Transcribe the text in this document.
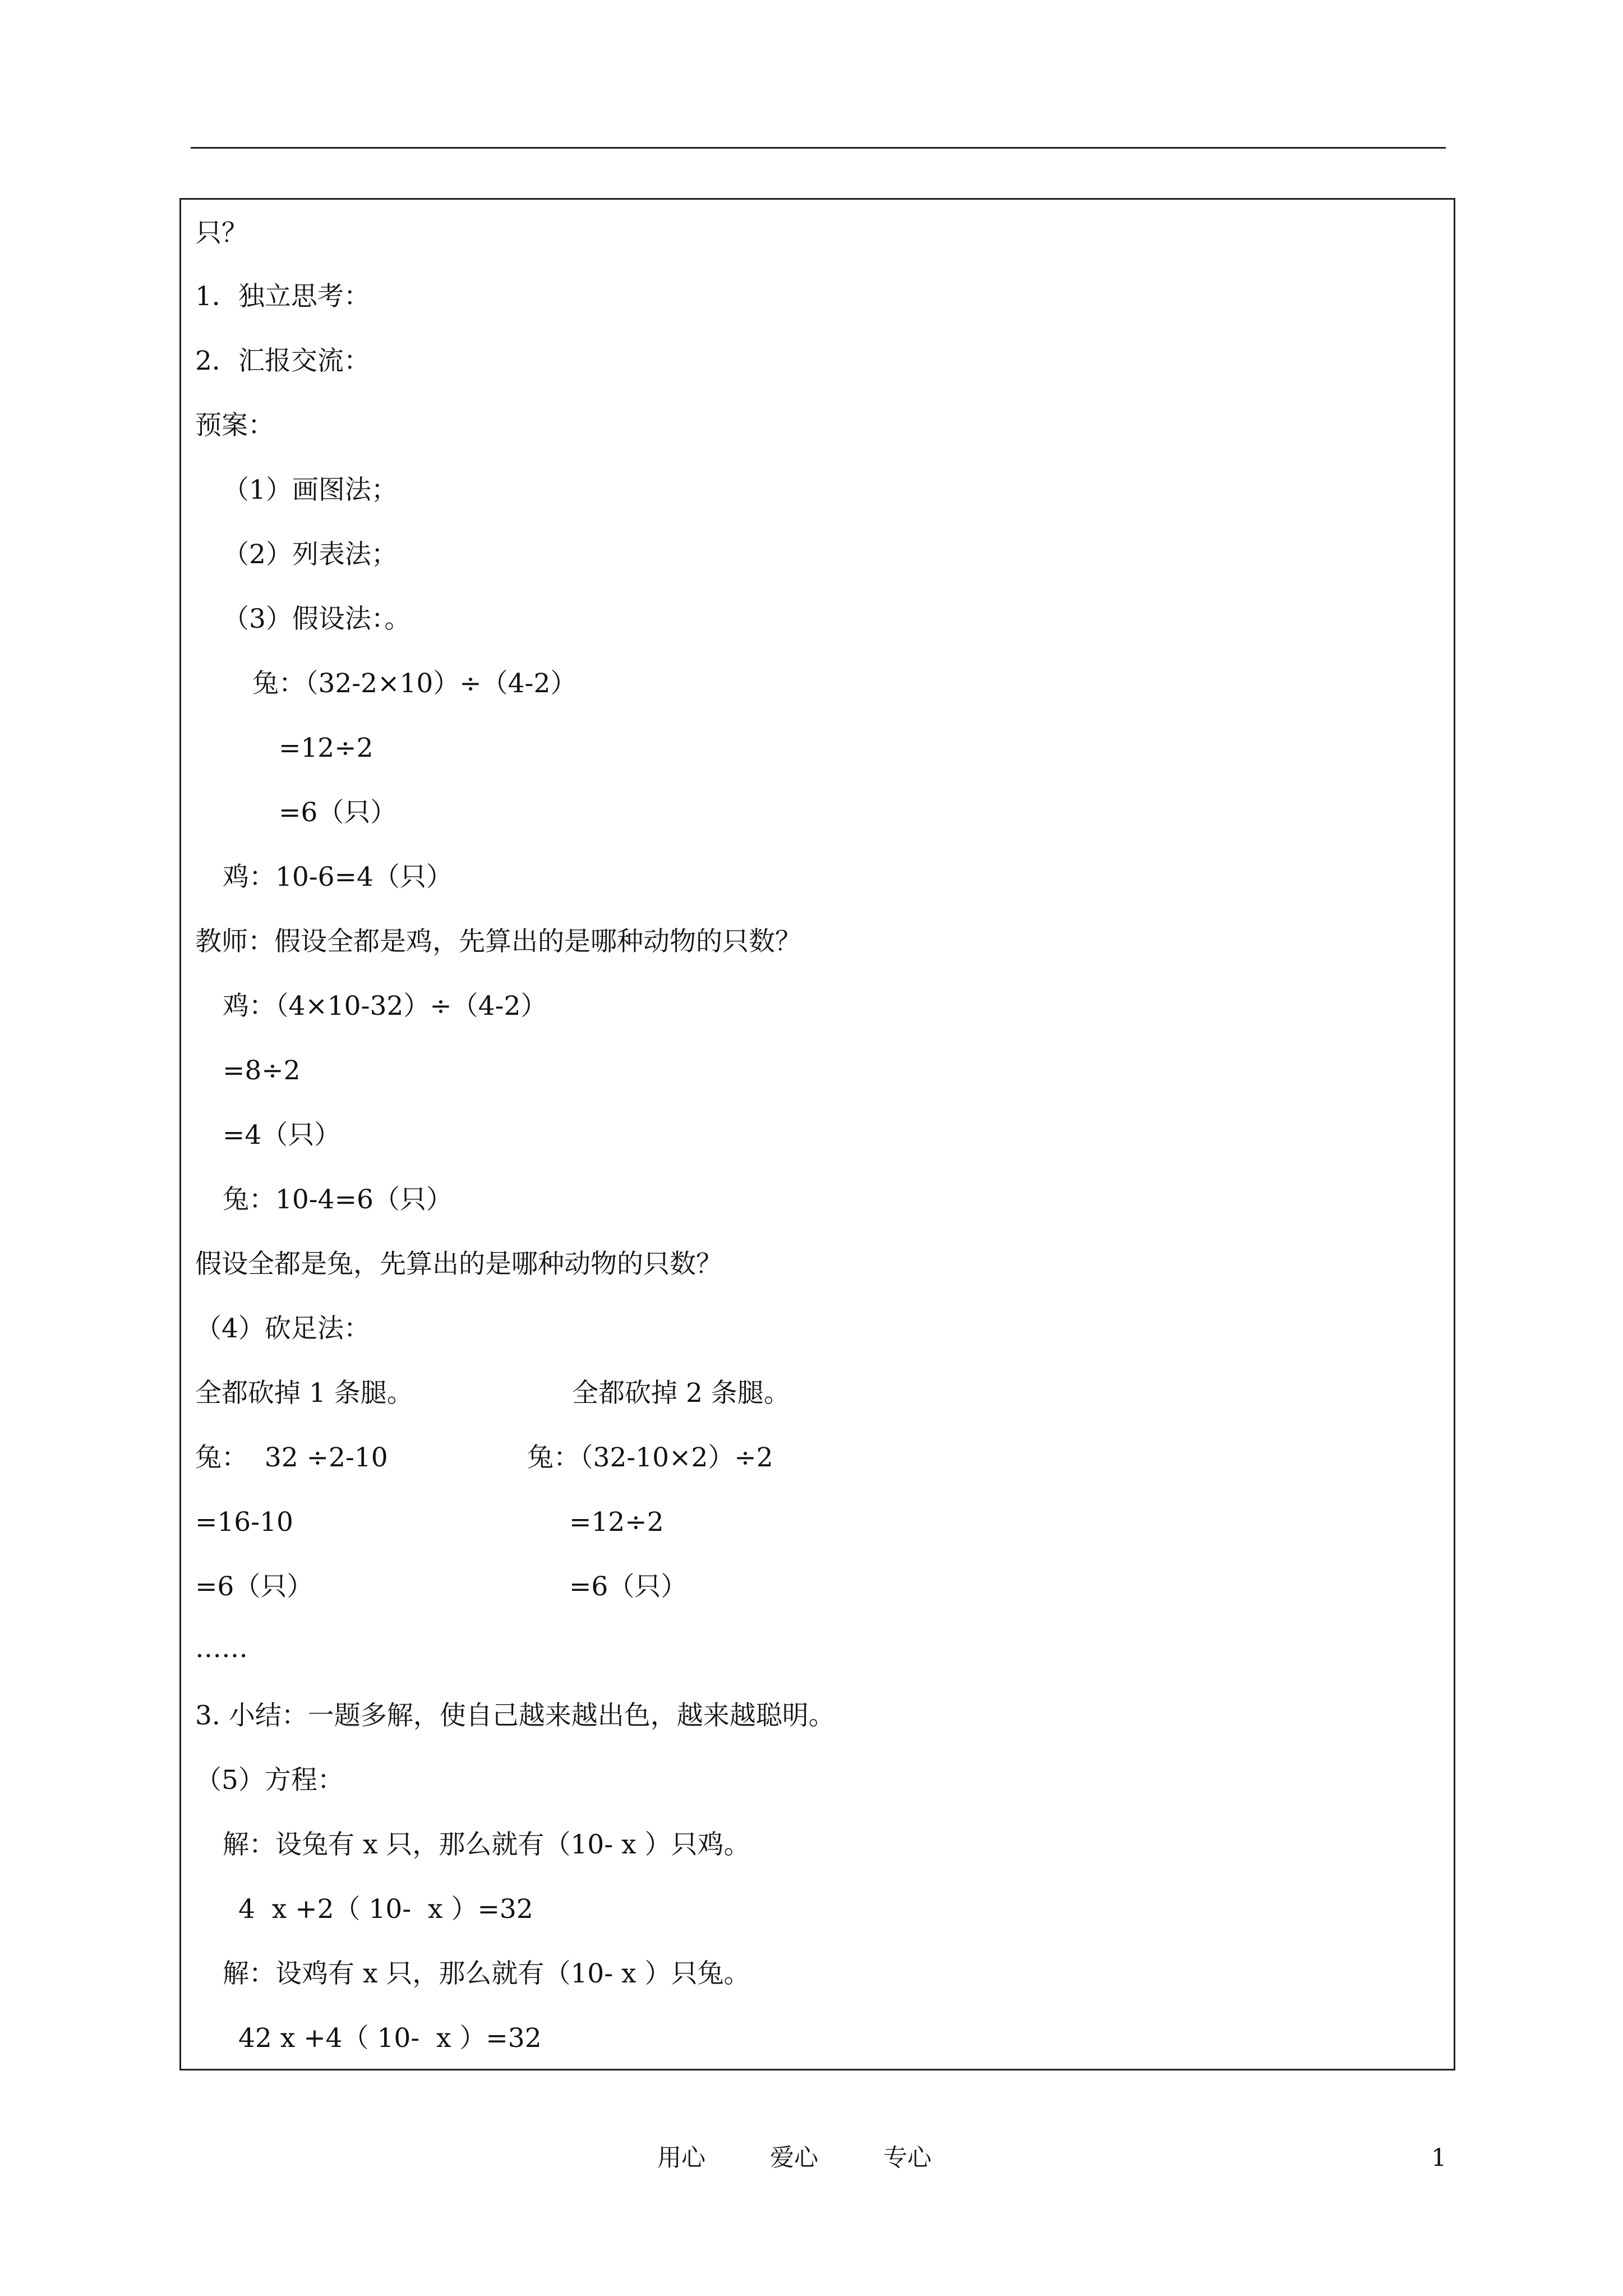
只？
1．独立思考：
2．汇报交流：
预案：
（1）画图法；
（2）列表法；
（3）假设法：。
兔：（32-2×10）÷（4-2）
=12÷2
=6（只）
鸡：10-6=4（只）
教师：假设全都是鸡，先算出的是哪种动物的只数？
鸡：（4×10-32）÷（4-2）
=8÷2
=4（只）
兔：10-4=6（只）
假设全都是兔，先算出的是哪种动物的只数？
（4）砍足法：
全都砍掉 1 条腿。	全都砍掉 2 条腿。
兔：  32 ÷2-10	兔：（32-10×2）÷2
=16-10	=12÷2
=6（只）	=6（只）
……
3. 小结：一题多解，使自己越来越出色，越来越聪明。
（5）方程：
解：设兔有 x 只，那么就有（10- x ）只鸡。
4  x +2（ 10-  x ）=32
解：设鸡有 x 只，那么就有（10- x ）只兔。
42 x +4（ 10-  x ）=32
用心	爱心	专心	1
